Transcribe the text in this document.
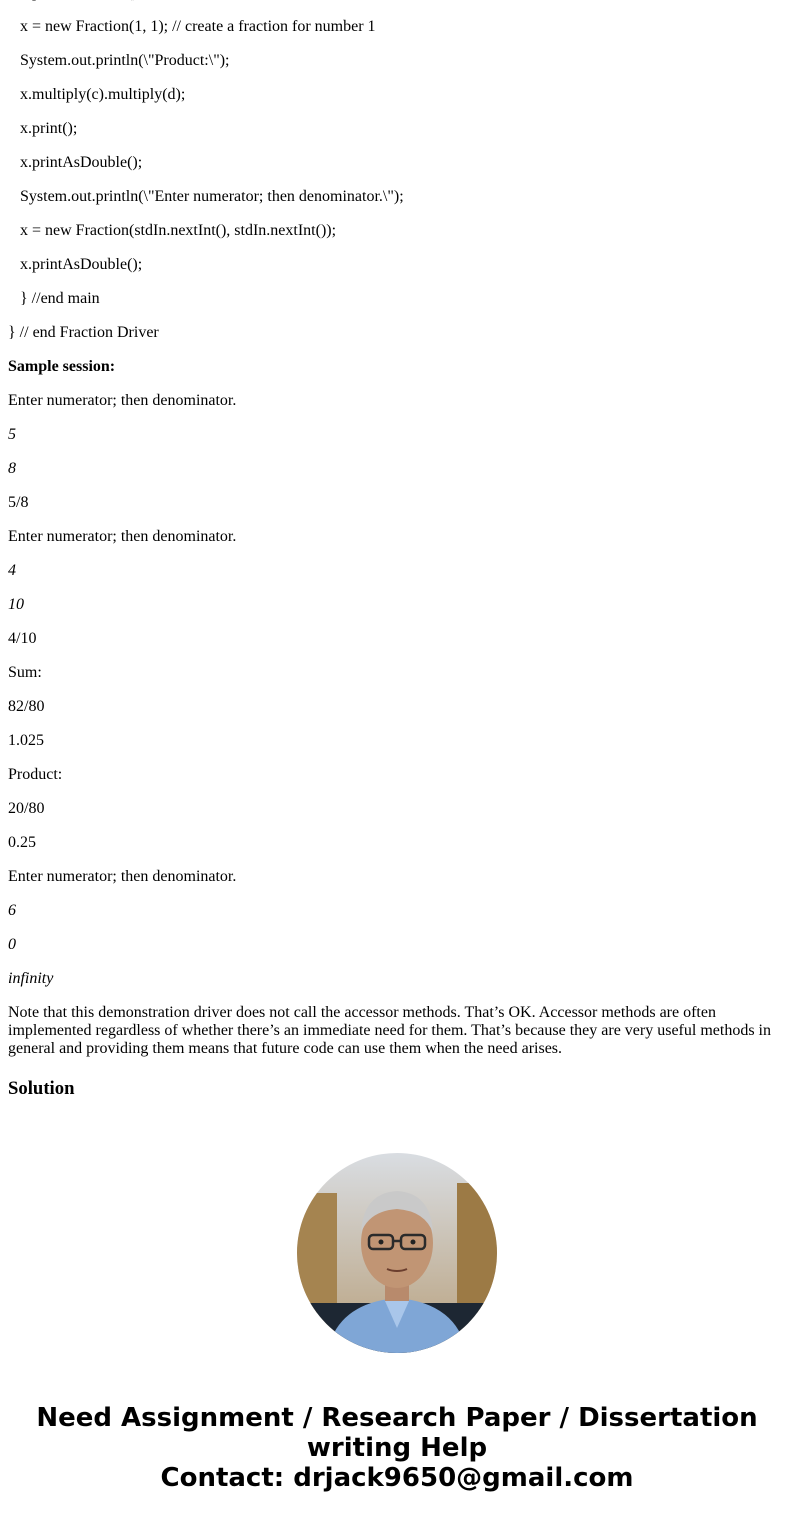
x = new Fraction(1, 1); // create a fraction for number 1
System.out.println(\"Product:\");
x.multiply(c).multiply(d);
x.print();
x.printAsDouble();
System.out.println(\"Enter numerator; then denominator.\");
x = new Fraction(stdIn.nextInt(), stdIn.nextInt());
x.printAsDouble();
} //end main
} // end Fraction Driver
Sample session:
Enter numerator; then denominator.
5
8
5/8
Enter numerator; then denominator.
4
10
4/10
Sum:
82/80
1.025
Product:
20/80
0.25
Enter numerator; then denominator.
6
0
infinity

Note that this demonstration driver does not call the accessor methods. That’s OK. Accessor methods are often implemented regardless of whether there’s an immediate need for them. That’s because they are very useful methods in general and providing them means that future code can use them when the need arises.

Solution
Need Assignment / Research Paper / Dissertation
writing Help
Contact: drjack9650@gmail.com
